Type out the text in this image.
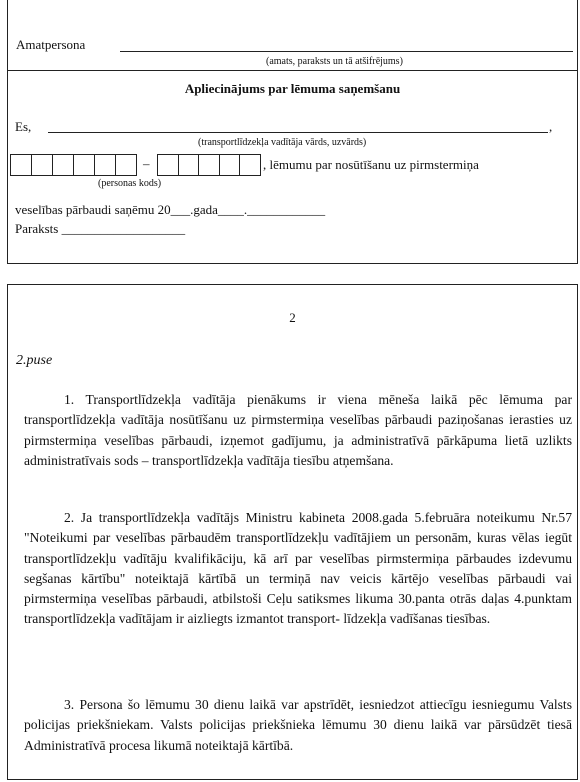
Amatpersona
(amats, paraksts un tā atšifrējums)
Apliecinājums par lēmuma saņemšanu
Es,	,
(transportlīdzekļa vadītāja vārds, uzvārds)
–	, lēmumu par nosūtīšanu uz pirmstermiņa
(personas kods)
veselības pārbaudi saņēmu 20___.gada____.____________
Paraksts ___________________
2
2.puse

1. Transportlīdzekļa vadītāja pienākums ir viena mēneša laikā pēc lēmuma par transportlīdzekļa vadītāja nosūtīšanu uz pirmstermiņa veselības pārbaudi paziņošanas ierasties uz pirmstermiņa veselības pārbaudi, izņemot gadījumu, ja administratīvā pārkāpuma lietā uzlikts administratīvais sods – transportlīdzekļa vadītāja tiesību atņemšana.

2. Ja transportlīdzekļa vadītājs Ministru kabineta 2008.gada 5.februāra noteikumu Nr.57 "Noteikumi par veselības pārbaudēm transportlīdzekļu vadītājiem un personām, kuras vēlas iegūt transportlīdzekļu vadītāju kvalifikāciju, kā arī par veselības pirmstermiņa pārbaudes izdevumu segšanas kārtību" noteiktajā kārtībā un termiņā nav veicis kārtējo veselības pārbaudi vai pirmstermiņa veselības pārbaudi, atbilstoši Ceļu satiksmes likuma 30.panta otrās daļas 4.punktam transportlīdzekļa vadītājam ir aizliegts izmantot transport- līdzekļa vadīšanas tiesības.

3. Persona šo lēmumu 30 dienu laikā var apstrīdēt, iesniedzot attiecīgu iesniegumu Valsts policijas priekšniekam. Valsts policijas priekšnieka lēmumu 30 dienu laikā var pārsūdzēt tiesā Administratīvā procesa likumā noteiktajā kārtībā.
